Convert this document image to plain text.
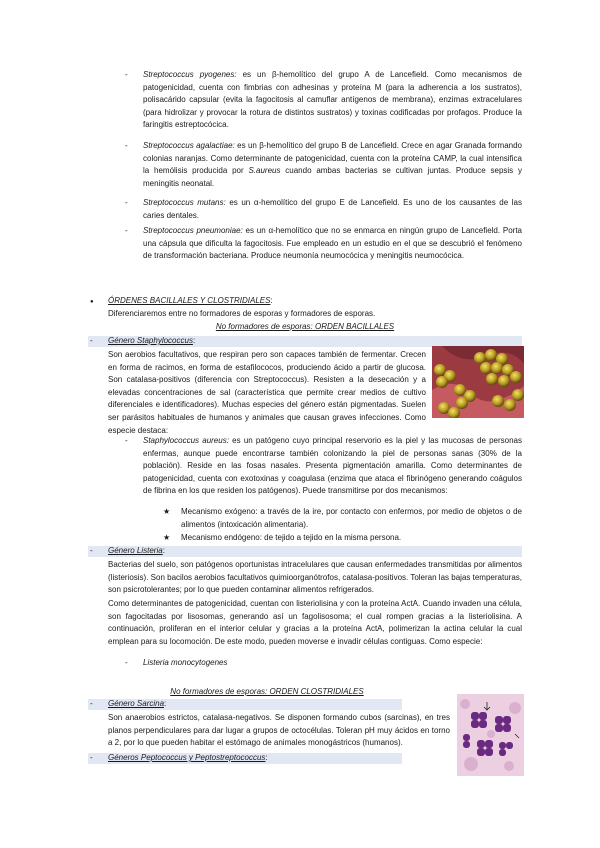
- Streptococcus pyogenes: es un β-hemolítico del grupo A de Lancefield. Como mecanismos de patogenicidad, cuenta con fimbrias con adhesinas y proteína M (para la adherencia a los sustratos), polisacárido capsular (evita la fagocitosis al camuflar antígenos de membrana), enzimas extracelulares (para hidrolizar y provocar la rotura de distintos sustratos) y toxinas codificadas por profagos. Produce la faringitis estreptocócica.

- Streptococcus agalactiae: es un β-hemolítico del grupo B de Lancefield. Crece en agar Granada formando colonias naranjas. Como determinante de patogenicidad, cuenta con la proteína CAMP, la cual intensifica la hemólisis producida por S.aureus cuando ambas bacterias se cultivan juntas. Produce sepsis y meningitis neonatal.

- Streptococcus mutans: es un α-hemolítico del grupo E de Lancefield. Es uno de los causantes de las caries dentales.

- Streptococcus pneumoniae: es un α-hemolítico que no se enmarca en ningún grupo de Lancefield. Porta una cápsula que dificulta la fagocitosis. Fue empleado en un estudio en el que se descubrió el fenómeno de transformación bacteriana. Produce neumonía neumocócica y meningitis neumocócica.

● ÓRDENES BACILLALES Y CLOSTRIDIALES:

Diferenciaremos entre no formadores de esporas y formadores de esporas.

No formadores de esporas: ORDEN BACILLALES
- Género Staphylococcus:

Son aerobios facultativos, que respiran pero son capaces también de fermentar. Crecen en forma de racimos, en forma de estafilococos, produciendo ácido a partir de glucosa. Son catalasa-positivos (diferencia con Streptococcus). Resisten a la desecación y a elevadas concentraciones de sal (característica que permite crear medios de cultivo diferenciales e identificadores). Muchas especies del género están pigmentadas. Suelen ser parásitos habituales de humanos y animales que causan graves infecciones. Como especie destaca:

- Staphylococcus aureus: es un patógeno cuyo principal reservorio es la piel y las mucosas de personas enfermas, aunque puede encontrarse también colonizando la piel de personas sanas (30% de la población). Reside en las fosas nasales. Presenta pigmentación amarilla. Como determinantes de patogenicidad, cuenta con exotoxinas y coagulasa (enzima que ataca el fibrinógeno generando coágulos de fibrina en los que residen los patógenos). Puede transmitirse por dos mecanismos:

★ Mecanismo exógeno: a través de la ire, por contacto con enfermos, por medio de objetos o de alimentos (intoxicación alimentaria).

★ Mecanismo endógeno: de tejido a tejido en la misma persona.

- Género Listeria:

Bacterias del suelo, son patógenos oportunistas intracelulares que causan enfermedades transmitidas por alimentos (listeriosis). Son bacilos aerobios facultativos quimioorganótrofos, catalasa-positivos. Toleran las bajas temperaturas, son psicrotolerantes; por lo que pueden contaminar alimentos refrigerados.

Como determinantes de patogenicidad, cuentan con listeriolisina y con la proteína ActA. Cuando invaden una célula, son fagocitadas por lisosomas, generando así un fagolisosoma; el cual rompen gracias a la listeriolisina. A continuación, proliferan en el interior celular y gracias a la proteína ActA, polimerizan la actina celular la cual emplean para su locomoción. De este modo, pueden moverse e invadir células contiguas. Como especie:

- Listeria monocytogenes

No formadores de esporas: ORDEN CLOSTRIDIALES
- Género Sarcina:

Son anaerobios estrictos, catalasa-negativos. Se disponen formando cubos (sarcinas), en tres planos perpendiculares para dar lugar a grupos de octocélulas. Toleran pH muy ácidos en torno a 2, por lo que pueden habitar el estómago de animales monogástricos (humanos).

- Géneros Peptococcus y Peptostreptococcus:
